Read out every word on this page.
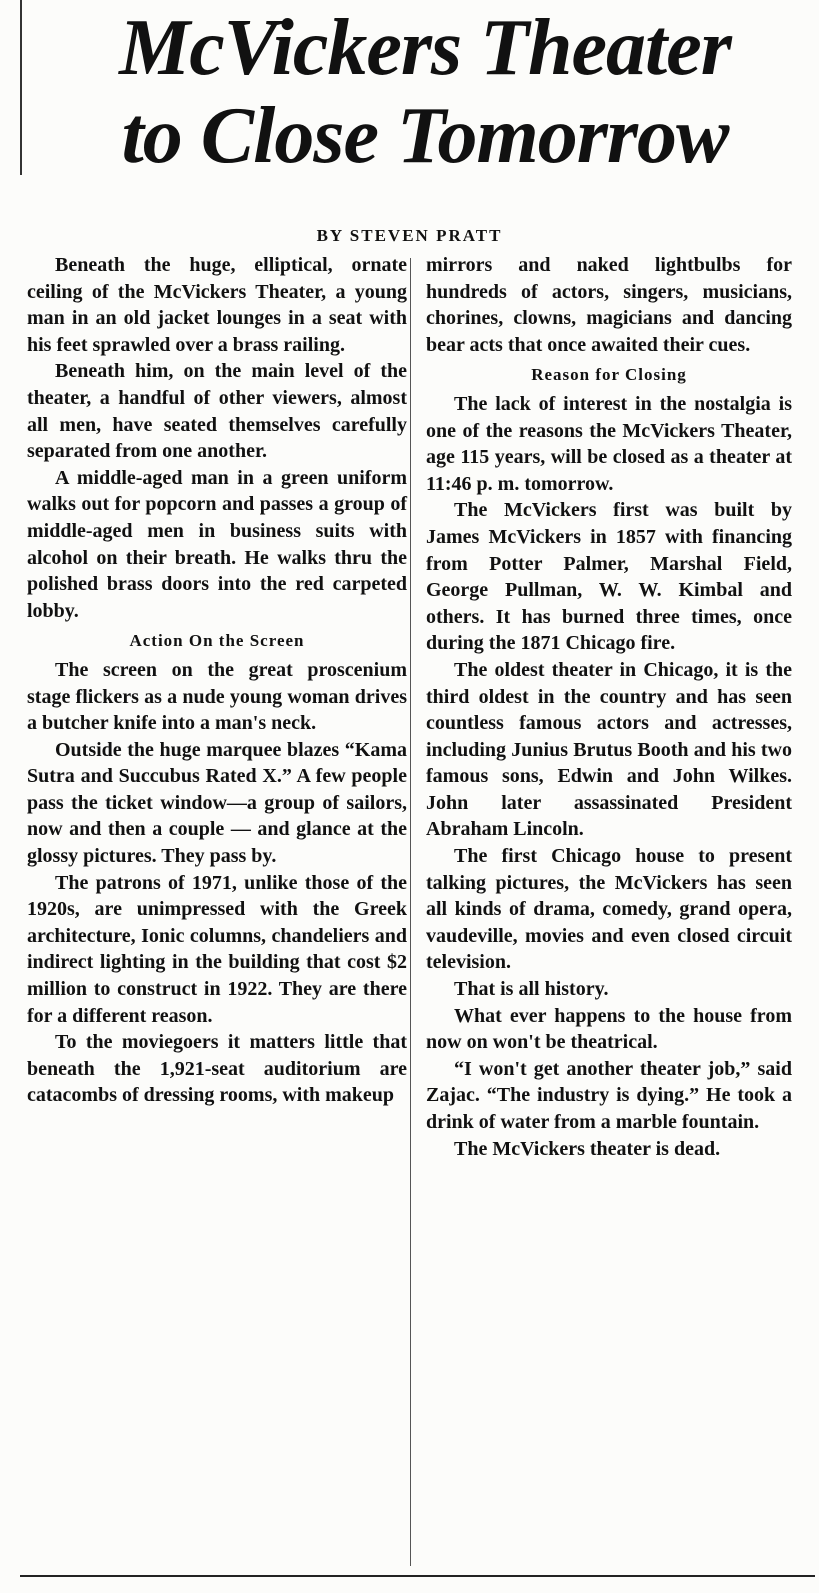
McVickers Theater
to Close Tomorrow
BY STEVEN PRATT

Beneath the huge, elliptical, ornate ceiling of the McVickers Theater, a young man in an old jacket lounges in a seat with his feet sprawled over a brass railing.

Beneath him, on the main level of the theater, a handful of other viewers, almost all men, have seated themselves carefully separated from one another.

A middle-aged man in a green uniform walks out for popcorn and passes a group of middle-aged men in business suits with alcohol on their breath. He walks thru the polished brass doors into the red carpeted lobby.

Action On the Screen

The screen on the great proscenium stage flickers as a nude young woman drives a butcher knife into a man's neck.

Outside the huge marquee blazes “Kama Sutra and Succubus Rated X.” A few people pass the ticket window—a group of sailors, now and then a couple — and glance at the glossy pictures. They pass by.

The patrons of 1971, unlike those of the 1920s, are unimpressed with the Greek architecture, Ionic columns, chandeliers and indirect lighting in the building that cost $2 million to construct in 1922. They are there for a different reason.

To the moviegoers it matters little that beneath the 1,921-seat auditorium are catacombs of dressing rooms, with makeup

mirrors and naked lightbulbs for hundreds of actors, singers, musicians, chorines, clowns, magicians and dancing bear acts that once awaited their cues.

Reason for Closing

The lack of interest in the nostalgia is one of the reasons the McVickers Theater, age 115 years, will be closed as a theater at 11:46 p. m. tomorrow.

The McVickers first was built by James McVickers in 1857 with financing from Potter Palmer, Marshal Field, George Pullman, W. W. Kimbal and others. It has burned three times, once during the 1871 Chicago fire.

The oldest theater in Chicago, it is the third oldest in the country and has seen countless famous actors and actresses, including Junius Brutus Booth and his two famous sons, Edwin and John Wilkes. John later assassinated President Abraham Lincoln.

The first Chicago house to present talking pictures, the McVickers has seen all kinds of drama, comedy, grand opera, vaudeville, movies and even closed circuit television.

That is all history.

What ever happens to the house from now on won't be theatrical.

“I won't get another theater job,” said Zajac. “The industry is dying.” He took a drink of water from a marble fountain.

The McVickers theater is dead.
